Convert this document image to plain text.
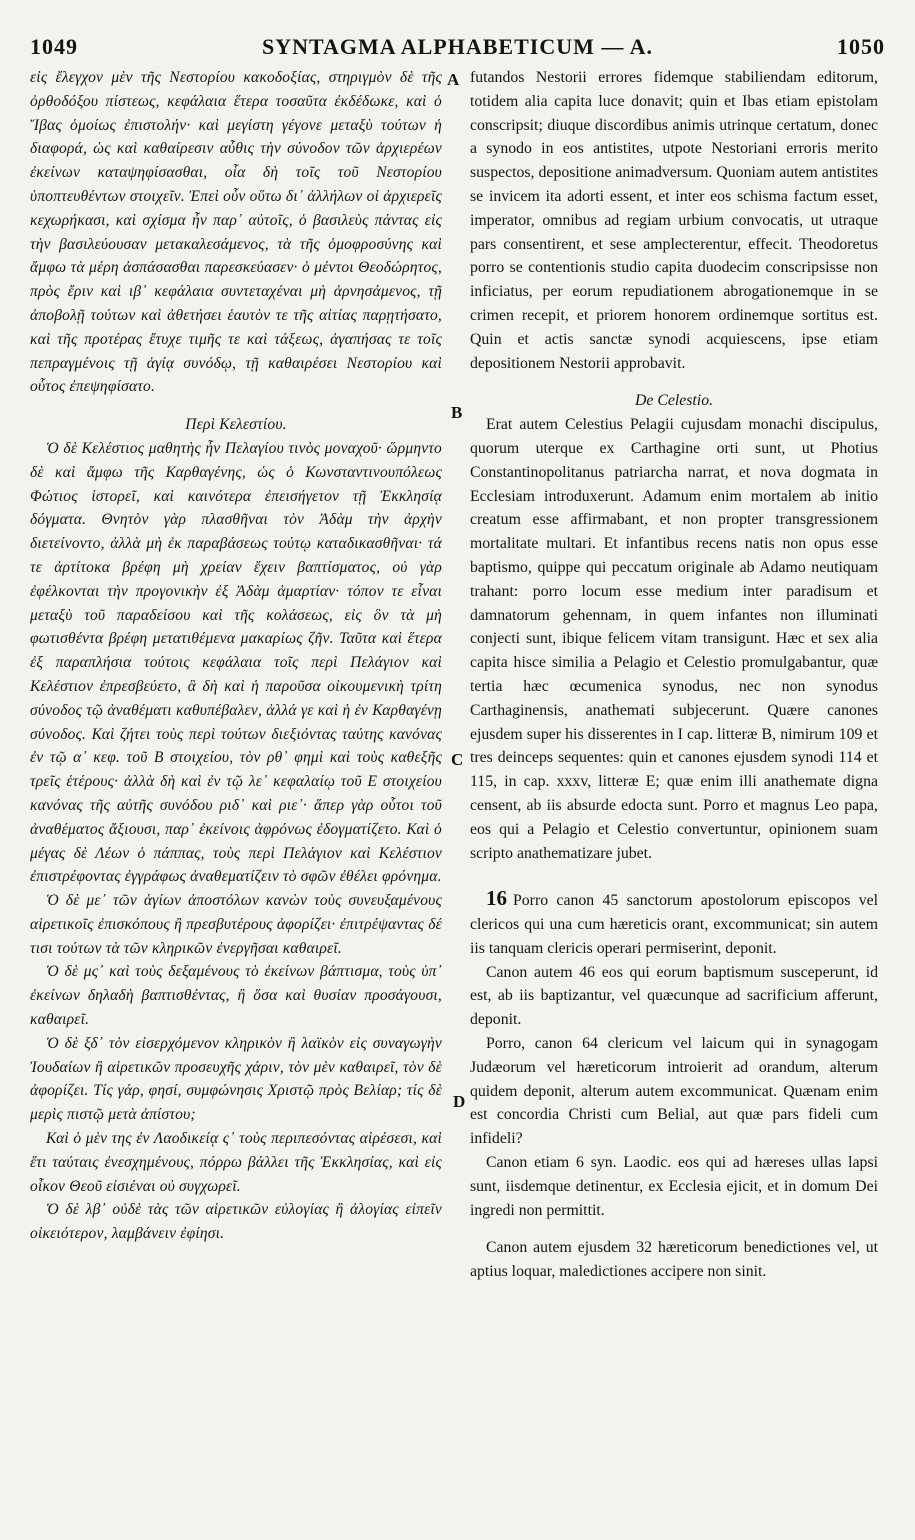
1049	SYNTAGMA ALPHABETICUM — A.	1050

εἰς ἔλεγχον μὲν τῆς Νεστορίου κακοδοξίας, στηριγμὸν δὲ τῆς ὀρθοδόξου πίστεως, κεφάλαια ἕτερα τοσαῦτα ἐκδέδωκε, καὶ ὁ Ἴβας ὁμοίως ἐπιστολήν· καὶ μεγίστη γέγονε μεταξὺ τούτων ἡ διαφορά, ὡς καὶ καθαίρεσιν αὖθις τὴν σύνοδον τῶν ἀρχιερέων ἐκείνων καταψηφίσασθαι, οἷα δὴ τοῖς τοῦ Νεστορίου ὑποπτευθέντων στοιχεῖν. Ἐπεὶ οὖν οὕτω δι᾽ ἀλλήλων οἱ ἀρχιερεῖς κεχωρήκασι, καὶ σχίσμα ἦν παρ᾽ αὐτοῖς, ὁ βασιλεὺς πάντας εἰς τὴν βασιλεύουσαν μετακαλεσάμενος, τὰ τῆς ὁμοφροσύνης καὶ ἄμφω τὰ μέρη ἀσπάσασθαι παρεσκεύασεν· ὁ μέντοι Θεοδώρητος, πρὸς ἔριν καὶ ιβ᾽ κεφάλαια συντεταχέναι μὴ ἀρνησάμενος, τῇ ἀποβολῇ τούτων καὶ ἀθετήσει ἑαυτὸν τε τῆς αἰτίας παρῃτήσατο, καὶ τῆς προτέρας ἔτυχε τιμῆς τε καὶ τάξεως, ἀγαπήσας τε τοῖς πεπραγμένοις τῇ ἁγίᾳ συνόδῳ, τῇ καθαιρέσει Νεστορίου καὶ οὗτος ἐπεψηφίσατο.

Περὶ Κελεστίου.

Ὁ δὲ Κελέστιος μαθητὴς ἦν Πελαγίου τινὸς μοναχοῦ· ὥρμηντο δὲ καὶ ἄμφω τῆς Καρθαγένης, ὡς ὁ Κωνσταντινουπόλεως Φώτιος ἱστορεῖ, καὶ καινότερα ἐπεισήγετον τῇ Ἐκκλησίᾳ δόγματα. Θνητὸν γὰρ πλασθῆναι τὸν Ἀδὰμ τὴν ἀρχὴν διετείνοντο, ἀλλὰ μὴ ἐκ παραβάσεως τούτῳ καταδικασθῆναι· τά τε ἀρτίτοκα βρέφη μὴ χρείαν ἔχειν βαπτίσματος, οὐ γὰρ ἐφέλκονται τὴν προγονικὴν ἐξ Ἀδὰμ ἁμαρτίαν· τόπον τε εἶναι μεταξὺ τοῦ παραδείσου καὶ τῆς κολάσεως, εἰς ὃν τὰ μὴ φωτισθέντα βρέφη μετατιθέμενα μακαρίως ζῆν. Ταῦτα καὶ ἕτερα ἐξ παραπλήσια τούτοις κεφάλαια τοῖς περὶ Πελάγιον καὶ Κελέστιον ἐπρεσβεύετο, ἃ δὴ καὶ ἡ παροῦσα οἰκουμενικὴ τρίτη σύνοδος τῷ ἀναθέματι καθυπέβαλεν, ἀλλά γε καὶ ἡ ἐν Καρθαγένῃ σύνοδος. Καὶ ζήτει τοὺς περὶ τούτων διεξιόντας ταύτης κανόνας ἐν τῷ α᾽ κεφ. τοῦ Β στοιχείου, τὸν ρθ᾽ φημὶ καὶ τοὺς καθεξῆς τρεῖς ἑτέρους· ἀλλὰ δὴ καὶ ἐν τῷ λε᾽ κεφαλαίῳ τοῦ Ε στοιχείου κανόνας τῆς αὐτῆς συνόδου ριδ᾽ καὶ ριε᾽· ἅπερ γὰρ οὗτοι τοῦ ἀναθέματος ἄξιουσι, παρ᾽ ἐκείνοις ἀφρόνως ἐδογματίζετο. Καὶ ὁ μέγας δὲ Λέων ὁ πάππας, τοὺς περὶ Πελάγιον καὶ Κελέστιον ἐπιστρέφοντας ἐγγράφως ἀναθεματίζειν τὸ σφῶν ἐθέλει φρόνημα.

Ὁ δὲ με᾽ τῶν ἁγίων ἀποστόλων κανὼν τοὺς συνευξαμένους αἱρετικοῖς ἐπισκόπους ἢ πρεσβυτέρους ἀφορίζει· ἐπιτρέψαντας δέ τισι τούτων τὰ τῶν κληρικῶν ἐνεργῆσαι καθαιρεῖ.

Ὁ δὲ μς᾽ καὶ τοὺς δεξαμένους τὸ ἐκείνων βάπτισμα, τοὺς ὑπ᾽ ἐκείνων δηλαδὴ βαπτισθέντας, ἢ ὅσα καὶ θυσίαν προσάγουσι, καθαιρεῖ.

Ὁ δὲ ξδ᾽ τὸν εἰσερχόμενον κληρικὸν ἢ λαϊκὸν εἰς συναγωγὴν Ἰουδαίων ἢ αἱρετικῶν προσευχῆς χάριν, τὸν μὲν καθαιρεῖ, τὸν δὲ ἀφορίζει. Τίς γάρ, φησί, συμφώνησις Χριστῷ πρὸς Βελίαρ; τίς δὲ μερὶς πιστῷ μετὰ ἀπίστου;

Καὶ ὁ μὲν της ἐν Λαοδικείᾳ ς᾽ τοὺς περιπεσόντας αἱρέσεσι, καὶ ἔτι ταύταις ἐνεσχημένους, πόρρω βάλλει τῆς Ἐκκλησίας, καὶ εἰς οἶκον Θεοῦ εἰσιέναι οὐ συγχωρεῖ.

Ὁ δὲ λβ᾽ οὐδὲ τὰς τῶν αἱρετικῶν εὐλογίας ἢ ἀλογίας εἰπεῖν οἰκειότερον, λαμβάνειν ἐφίησι.

futandos Nestorii errores fidemque stabiliendam editorum, totidem alia capita luce donavit; quin et Ibas etiam epistolam conscripsit; diuque discordibus animis utrinque certatum, donec a synodo in eos antistites, utpote Nestoriani erroris merito suspectos, depositione animadversum. Quoniam autem antistites se invicem ita adorti essent, et inter eos schisma factum esset, imperator, omnibus ad regiam urbium convocatis, ut utraque pars consentirent, et sese amplecterentur, effecit. Theodoretus porro se contentionis studio capita duodecim conscripsisse non inficiatus, per eorum repudiationem abrogationemque in se crimen recepit, et priorem honorem ordinemque sortitus est. Quin et actis sanctæ synodi acquiescens, ipse etiam depositionem Nestorii approbavit.

De Celestio.

Erat autem Celestius Pelagii cujusdam monachi discipulus, quorum uterque ex Carthagine orti sunt, ut Photius Constantinopolitanus patriarcha narrat, et nova dogmata in Ecclesiam introduxerunt. Adamum enim mortalem ab initio creatum esse affirmabant, et non propter transgressionem mortalitate multari. Et infantibus recens natis non opus esse baptismo, quippe qui peccatum originale ab Adamo neutiquam trahant: porro locum esse medium inter paradisum et damnatorum gehennam, in quem infantes non illuminati conjecti sunt, ibique felicem vitam transigunt. Hæc et sex alia capita hisce similia a Pelagio et Celestio promulgabantur, quæ tertia hæc œcumenica synodus, nec non synodus Carthaginensis, anathemati subjecerunt. Quære canones ejusdem super his disserentes in I cap. litteræ B, nimirum 109 et tres deinceps sequentes: quin et canones ejusdem synodi 114 et 115, in cap. xxxv, litteræ E; quæ enim illi anathemate digna censent, ab iis absurde edocta sunt. Porro et magnus Leo papa, eos qui a Pelagio et Celestio convertuntur, opinionem suam scripto anathematizare jubet.

16 Porro canon 45 sanctorum apostolorum episcopos vel clericos qui una cum hæreticis orant, excommunicat; sin autem iis tanquam clericis operari permiserint, deponit.

Canon autem 46 eos qui eorum baptismum susceperunt, id est, ab iis baptizantur, vel quæcunque ad sacrificium afferunt, deponit.

Porro, canon 64 clericum vel laicum qui in synagogam Judæorum vel hæreticorum introierit ad orandum, alterum quidem deponit, alterum autem excommunicat. Quænam enim est concordia Christi cum Belial, aut quæ pars fideli cum infideli?

Canon etiam 6 syn. Laodic. eos qui ad hæreses ullas lapsi sunt, iisdemque detinentur, ex Ecclesia ejicit, et in domum Dei ingredi non permittit.

Canon autem ejusdem 32 hæreticorum benedictiones vel, ut aptius loquar, maledictiones accipere non sinit.

A
B
C
D
